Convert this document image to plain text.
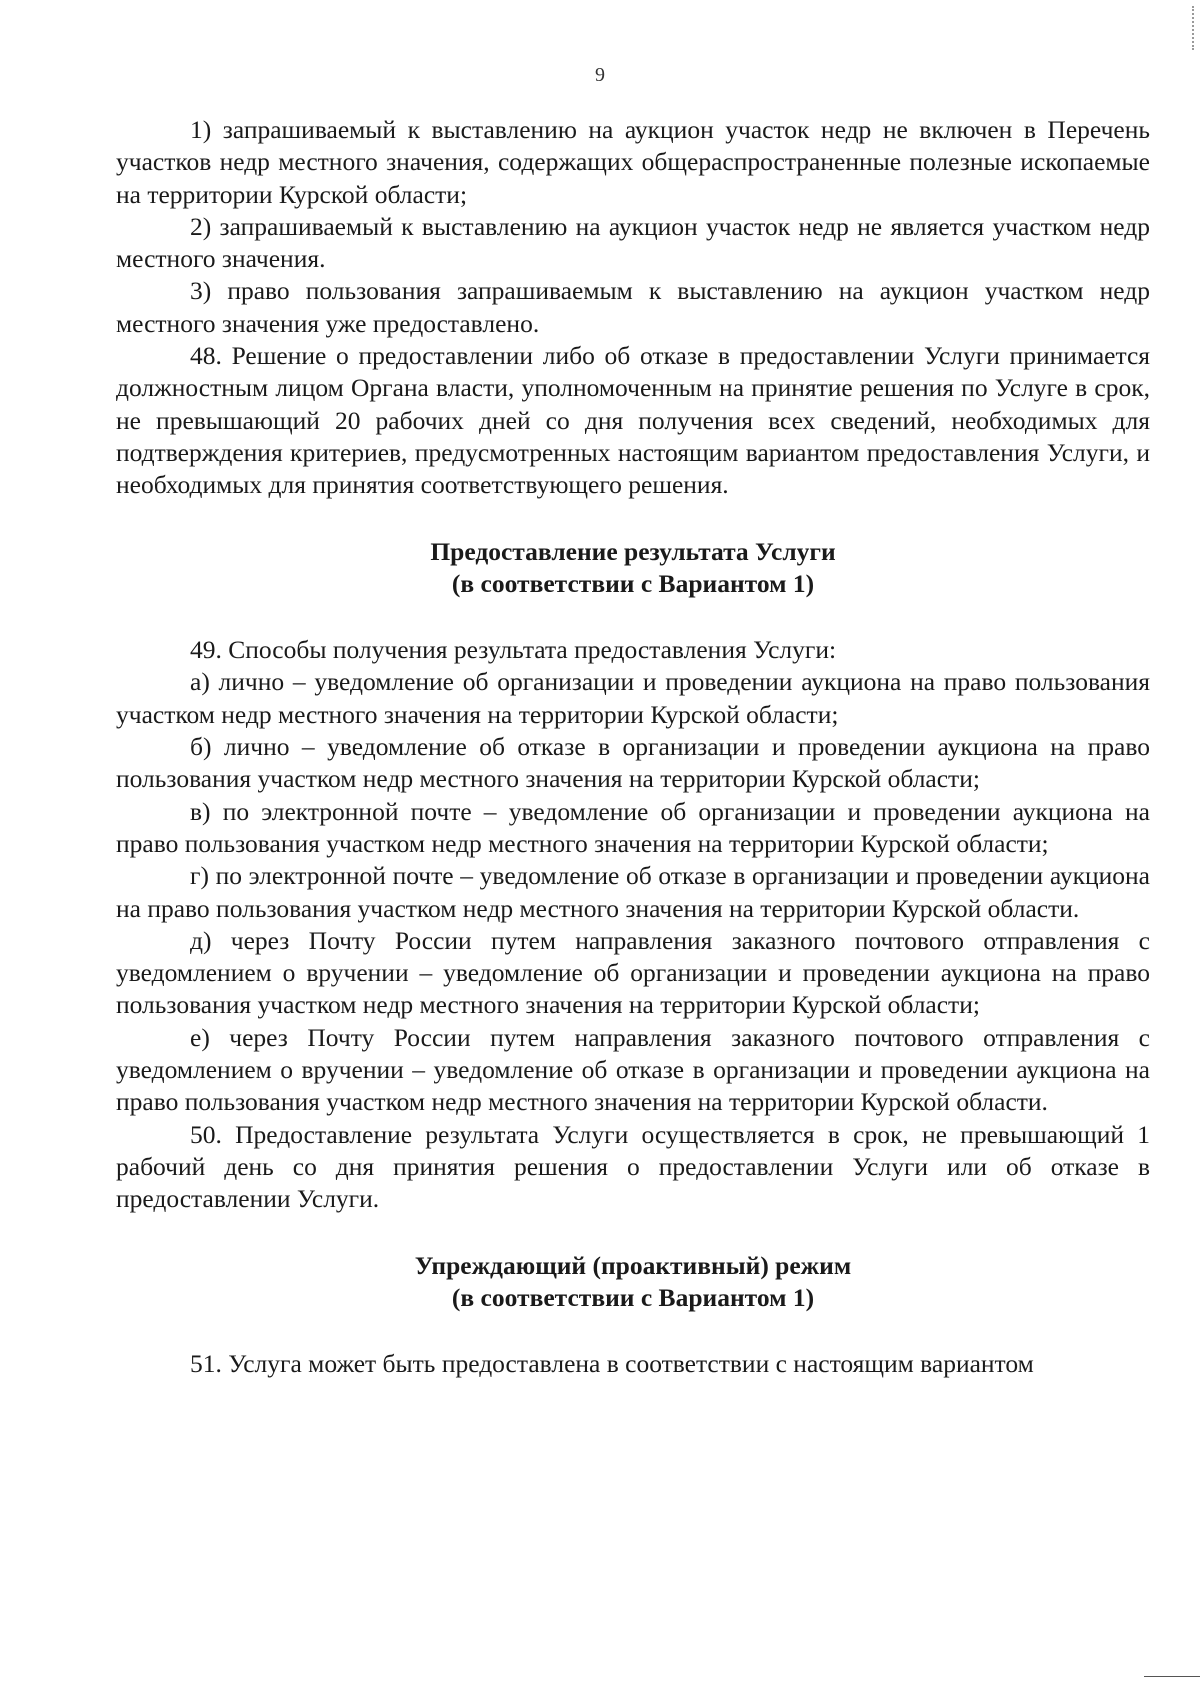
9

1) запрашиваемый к выставлению на аукцион участок недр не включен в Перечень участков недр местного значения, содержащих общераспространенные полезные ископаемые на территории Курской области;

2) запрашиваемый к выставлению на аукцион участок недр не является участком недр местного значения.

3) право пользования запрашиваемым к выставлению на аукцион участком недр местного значения уже предоставлено.

48. Решение о предоставлении либо об отказе в предоставлении Услуги принимается должностным лицом Органа власти, уполномоченным на принятие решения по Услуге в срок, не превышающий 20 рабочих дней со дня получения всех сведений, необходимых для подтверждения критериев, предусмотренных настоящим вариантом предоставления Услуги, и необходимых для принятия соответствующего решения.

Предоставление результата Услуги

(в соответствии с Вариантом 1)

49. Способы получения результата предоставления Услуги:

а) лично – уведомление об организации и проведении аукциона на право пользования участком недр местного значения на территории Курской области;

б) лично – уведомление об отказе в организации и проведении аукциона на право пользования участком недр местного значения на территории Курской области;

в) по электронной почте – уведомление об организации и проведении аукциона на право пользования участком недр местного значения на территории Курской области;

г) по электронной почте – уведомление об отказе в организации и проведении аукциона на право пользования участком недр местного значения на территории Курской области.

д) через Почту России путем направления заказного почтового отправления с уведомлением о вручении – уведомление об организации и проведении аукциона на право пользования участком недр местного значения на территории Курской области;

е) через Почту России путем направления заказного почтового отправления с уведомлением о вручении – уведомление об отказе в организации и проведении аукциона на право пользования участком недр местного значения на территории Курской области.

50. Предоставление результата Услуги осуществляется в срок, не превышающий 1 рабочий день со дня принятия решения о предоставлении Услуги или об отказе в предоставлении Услуги.

Упреждающий (проактивный) режим

(в соответствии с Вариантом 1)

51. Услуга может быть предоставлена в соответствии с настоящим вариантом
